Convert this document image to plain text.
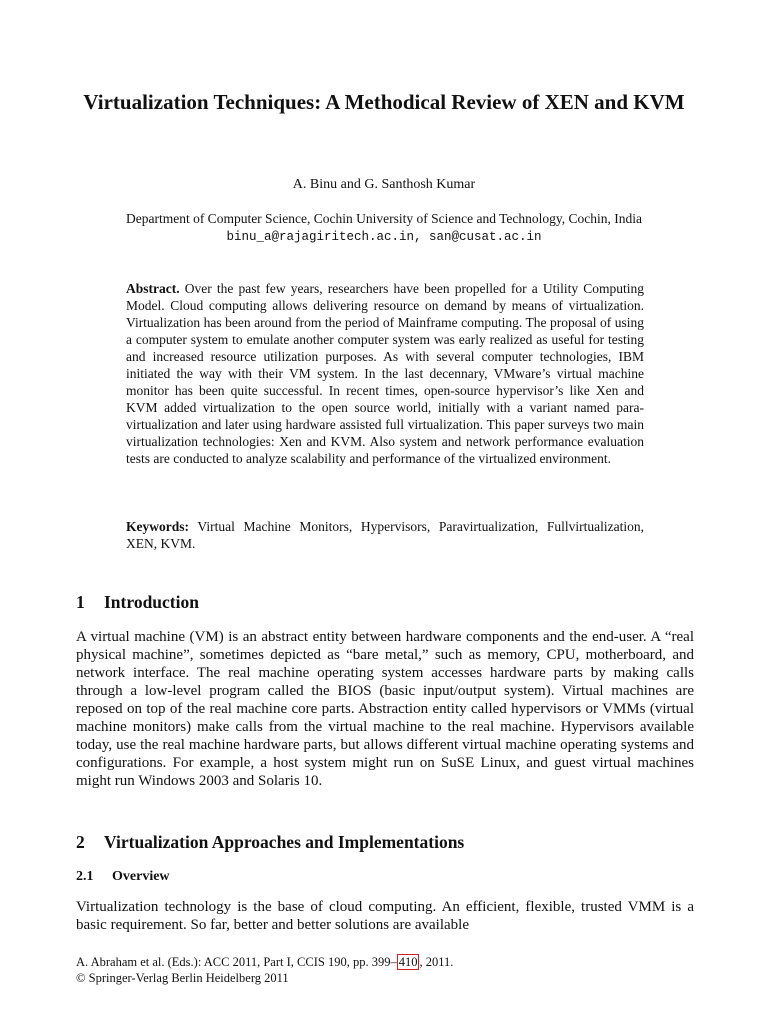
Virtualization Techniques: A Methodical Review of XEN and KVM

A. Binu and G. Santhosh Kumar

Department of Computer Science, Cochin University of Science and Technology, Cochin, India
binu_a@rajagiritech.ac.in, san@cusat.ac.in

Abstract. Over the past few years, researchers have been propelled for a Utility Computing Model. Cloud computing allows delivering resource on demand by means of virtualization. Virtualization has been around from the period of Mainframe computing. The proposal of using a computer system to emulate another computer system was early realized as useful for testing and increased resource utilization purposes. As with several computer technologies, IBM initiated the way with their VM system. In the last decennary, VMware’s virtual machine monitor has been quite successful. In recent times, open-source hypervisor’s like Xen and KVM added virtualization to the open source world, initially with a variant named para-virtualization and later using hardware assisted full virtualization. This paper surveys two main virtualization technologies: Xen and KVM. Also system and network performance evaluation tests are conducted to analyze scalability and performance of the virtualized environment.

Keywords: Virtual Machine Monitors, Hypervisors, Paravirtualization, Fullvirtualization, XEN, KVM.

1 Introduction

A virtual machine (VM) is an abstract entity between hardware components and the end-user. A “real physical machine”, sometimes depicted as “bare metal,” such as memory, CPU, motherboard, and network interface. The real machine operating system accesses hardware parts by making calls through a low-level program called the BIOS (basic input/output system). Virtual machines are reposed on top of the real machine core parts. Abstraction entity called hypervisors or VMMs (virtual machine monitors) make calls from the virtual machine to the real machine. Hypervisors available today, use the real machine hardware parts, but allows different virtual machine operating systems and configurations. For example, a host system might run on SuSE Linux, and guest virtual machines might run Windows 2003 and Solaris 10.

2 Virtualization Approaches and Implementations
2.1 Overview

Virtualization technology is the base of cloud computing. An efficient, flexible, trusted VMM is a basic requirement. So far, better and better solutions are available

A. Abraham et al. (Eds.): ACC 2011, Part I, CCIS 190, pp. 399– 410 , 2011.
© Springer-Verlag Berlin Heidelberg 2011
